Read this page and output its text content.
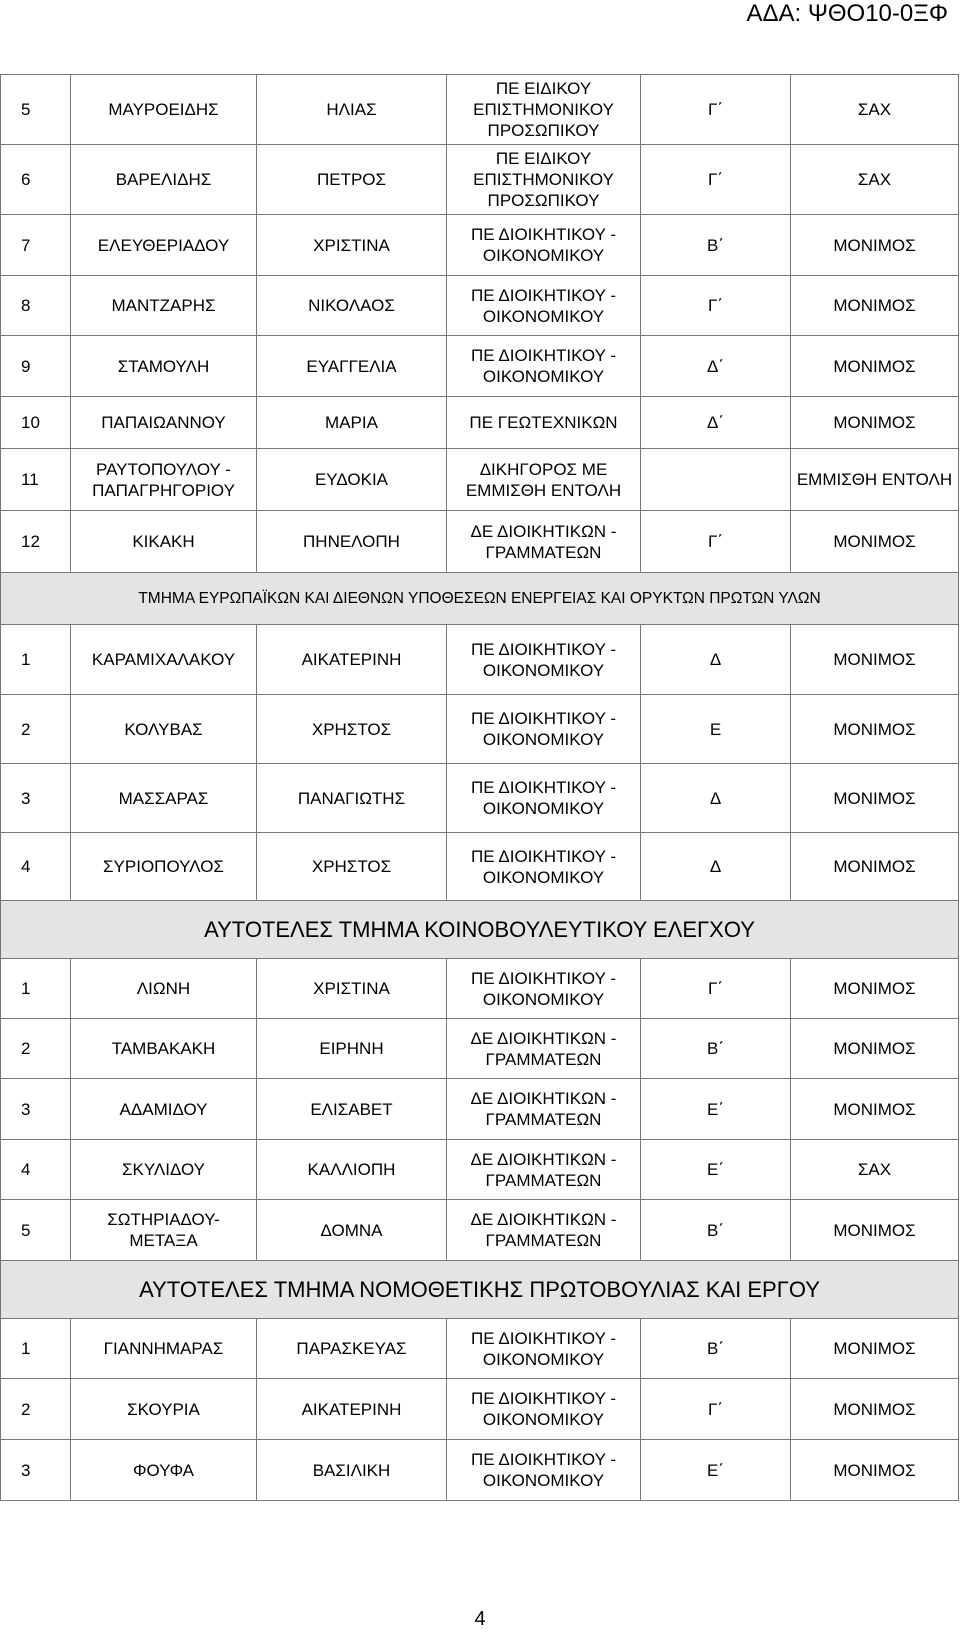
ΑΔΑ: ΨΘΟ10-0ΞΦ
5	ΜΑΥΡΟΕΙΔΗΣ	ΗΛΙΑΣ	ΠΕ ΕΙΔΙΚΟΥ ΕΠΙΣΤΗΜΟΝΙΚΟΥ ΠΡΟΣΩΠΙΚΟΥ	Γ΄	ΣΑΧ
6	ΒΑΡΕΛΙΔΗΣ	ΠΕΤΡΟΣ	ΠΕ ΕΙΔΙΚΟΥ ΕΠΙΣΤΗΜΟΝΙΚΟΥ ΠΡΟΣΩΠΙΚΟΥ	Γ΄	ΣΑΧ
7	ΕΛΕΥΘΕΡΙΑΔΟΥ	ΧΡΙΣΤΙΝΑ	ΠΕ ΔΙΟΙΚΗΤΙΚΟΥ - ΟΙΚΟΝΟΜΙΚΟΥ	Β΄	ΜΟΝΙΜΟΣ
8	ΜΑΝΤΖΑΡΗΣ	ΝΙΚΟΛΑΟΣ	ΠΕ ΔΙΟΙΚΗΤΙΚΟΥ - ΟΙΚΟΝΟΜΙΚΟΥ	Γ΄	ΜΟΝΙΜΟΣ
9	ΣΤΑΜΟΥΛΗ	ΕΥΑΓΓΕΛΙΑ	ΠΕ ΔΙΟΙΚΗΤΙΚΟΥ - ΟΙΚΟΝΟΜΙΚΟΥ	Δ΄	ΜΟΝΙΜΟΣ
10	ΠΑΠΑΙΩΑΝΝΟΥ	ΜΑΡΙΑ	ΠΕ ΓΕΩΤΕΧΝΙΚΩΝ	Δ΄	ΜΟΝΙΜΟΣ
11	ΡΑΥΤΟΠΟΥΛΟΥ - ΠΑΠΑΓΡΗΓΟΡΙΟΥ	ΕΥΔΟΚΙΑ	ΔΙΚΗΓΟΡΟΣ ΜΕ ΕΜΜΙΣΘΗ ΕΝΤΟΛΗ		ΕΜΜΙΣΘΗ ΕΝΤΟΛΗ
12	ΚΙΚΑΚΗ	ΠΗΝΕΛΟΠΗ	ΔΕ ΔΙΟΙΚΗΤΙΚΩΝ - ΓΡΑΜΜΑΤΕΩΝ	Γ΄	ΜΟΝΙΜΟΣ
ΤΜΗΜΑ ΕΥΡΩΠΑΪΚΩΝ ΚΑΙ ΔΙΕΘΝΩΝ ΥΠΟΘΕΣΕΩΝ ΕΝΕΡΓΕΙΑΣ ΚΑΙ ΟΡΥΚΤΩΝ ΠΡΩΤΩΝ ΥΛΩΝ					
1	ΚΑΡΑΜΙΧΑΛΑΚΟΥ	ΑΙΚΑΤΕΡΙΝΗ	ΠΕ ΔΙΟΙΚΗΤΙΚΟΥ - ΟΙΚΟΝΟΜΙΚΟΥ	Δ	ΜΟΝΙΜΟΣ
2	ΚΟΛΥΒΑΣ	ΧΡΗΣΤΟΣ	ΠΕ ΔΙΟΙΚΗΤΙΚΟΥ - ΟΙΚΟΝΟΜΙΚΟΥ	Ε	ΜΟΝΙΜΟΣ
3	ΜΑΣΣΑΡΑΣ	ΠΑΝΑΓΙΩΤΗΣ	ΠΕ ΔΙΟΙΚΗΤΙΚΟΥ - ΟΙΚΟΝΟΜΙΚΟΥ	Δ	ΜΟΝΙΜΟΣ
4	ΣΥΡΙΟΠΟΥΛΟΣ	ΧΡΗΣΤΟΣ	ΠΕ ΔΙΟΙΚΗΤΙΚΟΥ - ΟΙΚΟΝΟΜΙΚΟΥ	Δ	ΜΟΝΙΜΟΣ
ΑΥΤΟΤΕΛΕΣ ΤΜΗΜΑ ΚΟΙΝΟΒΟΥΛΕΥΤΙΚΟΥ ΕΛΕΓΧΟΥ					
1	ΛΙΩΝΗ	ΧΡΙΣΤΙΝΑ	ΠΕ ΔΙΟΙΚΗΤΙΚΟΥ - ΟΙΚΟΝΟΜΙΚΟΥ	Γ΄	ΜΟΝΙΜΟΣ
2	ΤΑΜΒΑΚΑΚΗ	ΕΙΡΗΝΗ	ΔΕ ΔΙΟΙΚΗΤΙΚΩΝ - ΓΡΑΜΜΑΤΕΩΝ	Β΄	ΜΟΝΙΜΟΣ
3	ΑΔΑΜΙΔΟΥ	ΕΛΙΣΑΒΕΤ	ΔΕ ΔΙΟΙΚΗΤΙΚΩΝ - ΓΡΑΜΜΑΤΕΩΝ	Ε΄	ΜΟΝΙΜΟΣ
4	ΣΚΥΛΙΔΟΥ	ΚΑΛΛΙΟΠΗ	ΔΕ ΔΙΟΙΚΗΤΙΚΩΝ - ΓΡΑΜΜΑΤΕΩΝ	Ε΄	ΣΑΧ
5	ΣΩΤΗΡΙΑΔΟΥ-ΜΕΤΑΞΑ	ΔΟΜΝΑ	ΔΕ ΔΙΟΙΚΗΤΙΚΩΝ - ΓΡΑΜΜΑΤΕΩΝ	Β΄	ΜΟΝΙΜΟΣ
ΑΥΤΟΤΕΛΕΣ ΤΜΗΜΑ ΝΟΜΟΘΕΤΙΚΗΣ ΠΡΩΤΟΒΟΥΛΙΑΣ ΚΑΙ ΕΡΓΟΥ					
1	ΓΙΑΝΝΗΜΑΡΑΣ	ΠΑΡΑΣΚΕΥΑΣ	ΠΕ ΔΙΟΙΚΗΤΙΚΟΥ - ΟΙΚΟΝΟΜΙΚΟΥ	Β΄	ΜΟΝΙΜΟΣ
2	ΣΚΟΥΡΙΑ	ΑΙΚΑΤΕΡΙΝΗ	ΠΕ ΔΙΟΙΚΗΤΙΚΟΥ - ΟΙΚΟΝΟΜΙΚΟΥ	Γ΄	ΜΟΝΙΜΟΣ
3	ΦΟΥΦΑ	ΒΑΣΙΛΙΚΗ	ΠΕ ΔΙΟΙΚΗΤΙΚΟΥ - ΟΙΚΟΝΟΜΙΚΟΥ	Ε΄	ΜΟΝΙΜΟΣ
4
